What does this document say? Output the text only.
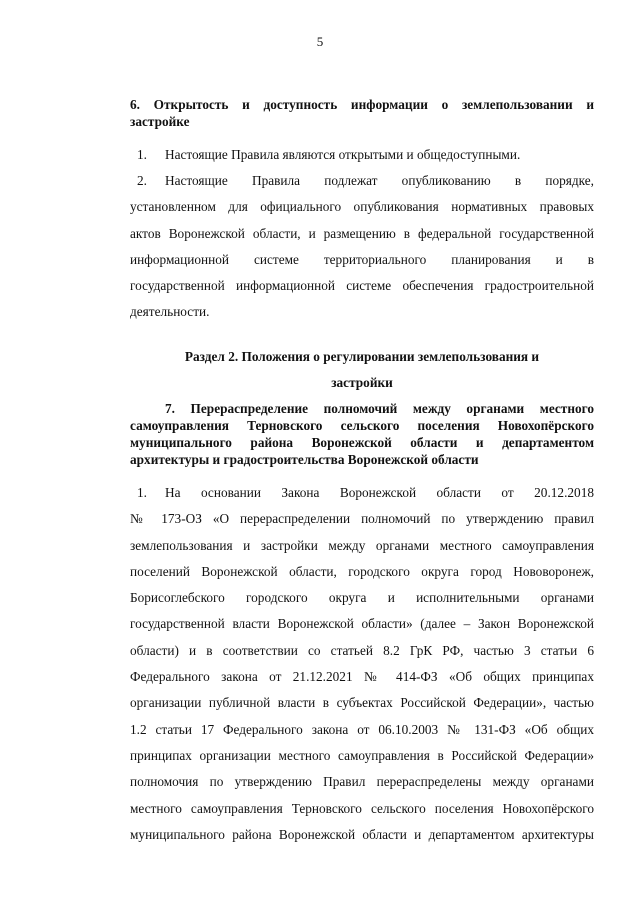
5
6. Открытость и доступность информации о землепользовании и
застройке
1. Настоящие Правила являются открытыми и общедоступными.
2. Настоящие Правила подлежат опубликованию в порядке,
установленном для официального опубликования нормативных правовых
актов Воронежской области, и размещению в федеральной государственной
информационной системе территориального планирования и в
государственной информационной системе обеспечения градостроительной
деятельности.
Раздел 2. Положения о регулировании землепользования и
застройки
7. Перераспределение полномочий между органами местного
самоуправления Терновского сельского поселения Новохопёрского
муниципального района Воронежской области и департаментом
архитектуры и градостроительства Воронежской области
1. На основании Закона Воронежской области от 20.12.2018
№ 173-ОЗ «О перераспределении полномочий по утверждению правил
землепользования и застройки между органами местного самоуправления
поселений Воронежской области, городского округа город Нововоронеж,
Борисоглебского городского округа и исполнительными органами
государственной власти Воронежской области» (далее – Закон Воронежской
области) и в соответствии со статьей 8.2 ГрК РФ, частью 3 статьи 6
Федерального закона от 21.12.2021 № 414-ФЗ «Об общих принципах
организации публичной власти в субъектах Российской Федерации», частью
1.2 статьи 17 Федерального закона от 06.10.2003 № 131-ФЗ «Об общих
принципах организации местного самоуправления в Российской Федерации»
полномочия по утверждению Правил перераспределены между органами
местного самоуправления Терновского сельского поселения Новохопёрского
муниципального района Воронежской области и департаментом архитектуры
